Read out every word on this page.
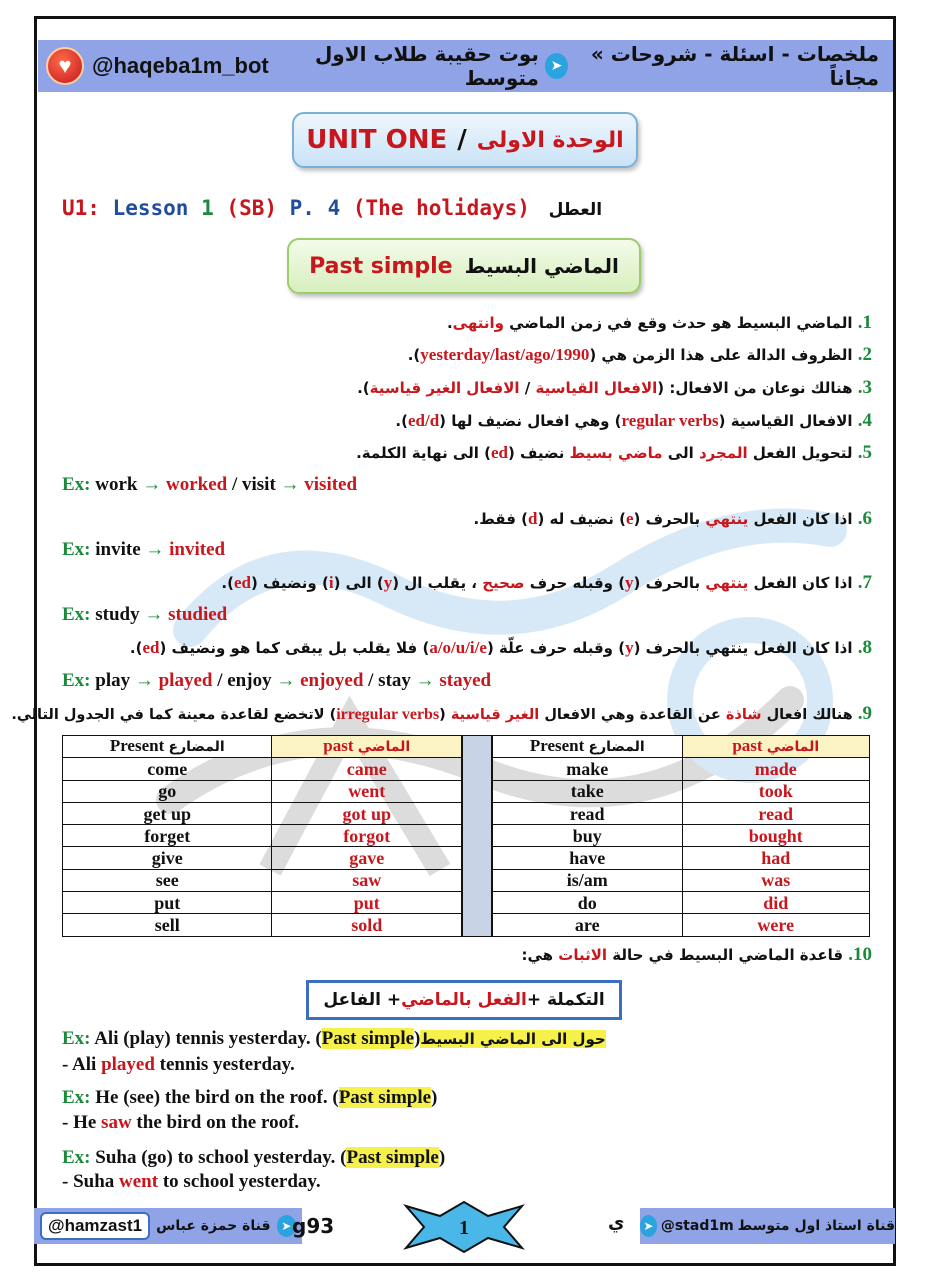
♥ @haqeba1m_bot	ملخصات - اسئلة - شروحات » مجاناً
➤
بوت حقيبة طلاب الاول متوسط
UNIT ONE / الوحدة الاولى
U1: Lesson 1 (SB) P. 4 (The holidays) العطل
Past simple الماضي البسيط
1. الماضي البسيط هو حدث وقع في زمن الماضي وانتهى.
2. الظروف الدالة على هذا الزمن هي (yesterday/last/ago/1990).
3. هنالك نوعان من الافعال: (الافعال القياسية / الافعال الغير قياسية).
4. الافعال القياسية (regular verbs) وهي افعال نضيف لها (ed/d).
5. لتحويل الفعل المجرد الى ماضي بسيط نضيف (ed) الى نهاية الكلمة.
Ex: work → worked / visit → visited
6. اذا كان الفعل ينتهي بالحرف (e) نضيف له (d) فقط.
Ex: invite → invited
7. اذا كان الفعل ينتهي بالحرف (y) وقبله حرف صحيح ، يقلب ال (y) الى (i) ونضيف (ed).
Ex: study → studied
8. اذا كان الفعل ينتهي بالحرف (y) وقبله حرف علّة (a/o/u/i/e) فلا يقلب بل يبقى كما هو ونضيف (ed).
Ex: play → played / enjoy → enjoyed / stay → stayed
9. هنالك افعال شاذة عن القاعدة وهي الافعال الغير قياسية (irregular verbs) لاتخضع لقاعدة معينة كما في الجدول التالي.
Present المضارع	past الماضي
come	came
go	went
get up	got up
forget	forgot
give	gave
see	saw
put	put
sell	sold
Present المضارع	past الماضي
make	made
take	took
read	read
buy	bought
have	had
is/am	was
do	did
are	were
10. قاعدة الماضي البسيط في حالة الاثبات هي:
التكملة +
الفعل بالماضي
+ الفاعل
Ex: Ali (play) tennis yesterday. (Past simple)حول الى الماضي البسيط
- Ali played tennis yesterday.
Ex: He (see) the bird on the roof. (Past simple)
- He saw the bird on the roof.
Ex: Suha (go) to school yesterday. (Past simple)
- Suha went to school yesterday.
@hamzast1	قناة حمزة عباس ➤ g93	1	ي	قناة استاذ اول متوسط
@stad1m
➤
